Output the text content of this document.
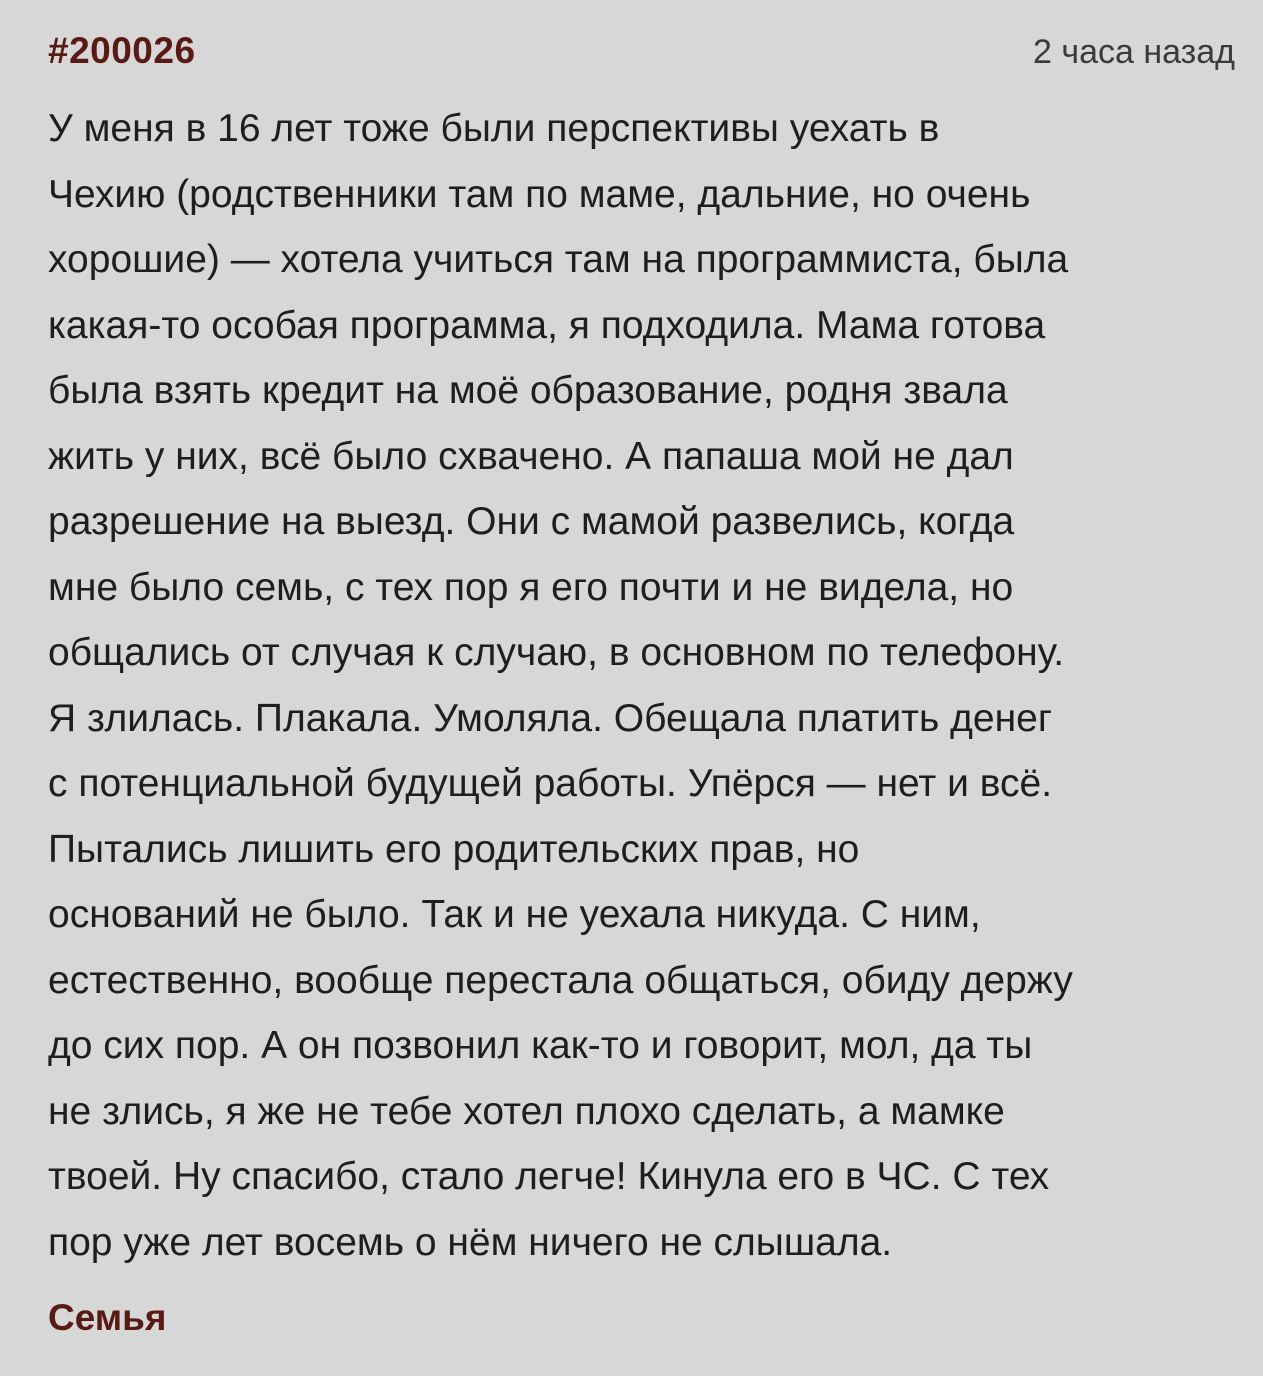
#200026	2 часа назад
У меня в 16 лет тоже были перспективы уехать в
Чехию (родственники там по маме, дальние, но очень
хорошие) — хотела учиться там на программиста, была
какая-то особая программа, я подходила. Мама готова
была взять кредит на моё образование, родня звала
жить у них, всё было схвачено. А папаша мой не дал
разрешение на выезд. Они с мамой развелись, когда
мне было семь, с тех пор я его почти и не видела, но
общались от случая к случаю, в основном по телефону.
Я злилась. Плакала. Умоляла. Обещала платить денег
с потенциальной будущей работы. Упёрся — нет и всё.
Пытались лишить его родительских прав, но
оснований не было. Так и не уехала никуда. С ним,
естественно, вообще перестала общаться, обиду держу
до сих пор. А он позвонил как-то и говорит, мол, да ты
не злись, я же не тебе хотел плохо сделать, а мамке
твоей. Ну спасибо, стало легче! Кинула его в ЧС. С тех
пор уже лет восемь о нём ничего не слышала.
Семья
